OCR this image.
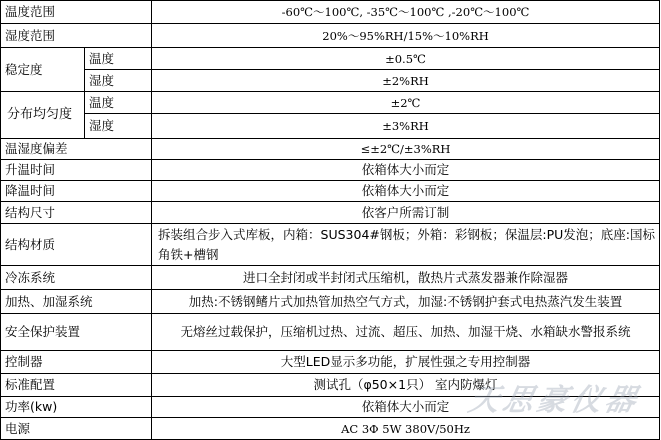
温度范围		-60℃～100℃, -35℃～100℃ ,-20℃～100℃
湿度范围		20%～95%RH/15%～10%RH
稳定度	温度	±0.5℃
	湿度	±2%RH
分布均匀度	温度	±2℃
	湿度	±3%RH
温湿度偏差		≤±2℃/±3%RH
升温时间		依箱体大小而定
降温时间		依箱体大小而定
结构尺寸		依客户所需订制
结构材质		拆装组合步入式库板，内箱：SUS304#钢板；外箱：彩钢板；保温层:PU发泡；底座:国标角铁+槽钢
冷冻系统		进口全封闭或半封闭式压缩机，散热片式蒸发器兼作除湿器
加热、加湿系统		加热:不锈钢鳍片式加热管加热空气方式，加湿:不锈钢护套式电热蒸汽发生装置
安全保护装置		无熔丝过载保护，压缩机过热、过流、超压、加热、加湿干烧、水箱缺水警报系统
控制器		大型LED显示多功能，扩展性强之专用控制器
标准配置		测试孔（φ50×1只） 室内防爆灯
功率(kw)		依箱体大小而定
电源		AC 3Φ 5W 380V/50Hz
天思豪仪器
